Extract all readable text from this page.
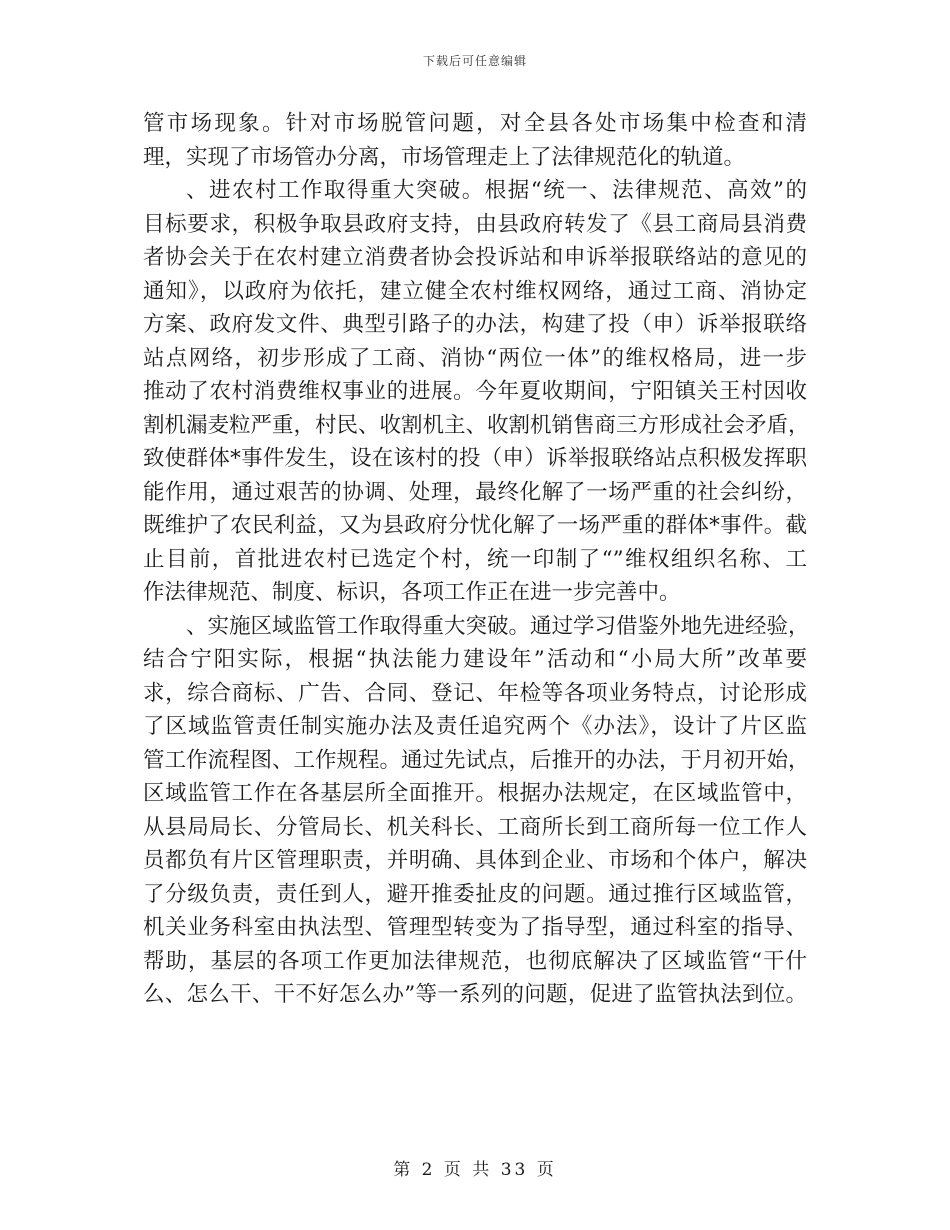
下载后可任意编辑
管市场现象。针对市场脱管问题，对全县各处市场集中检查和清
理，实现了市场管办分离，市场管理走上了法律规范化的轨道。
、进农村工作取得重大突破。根据“统一、法律规范、高效”的
目标要求，积极争取县政府支持，由县政府转发了《县工商局县消费
者协会关于在农村建立消费者协会投诉站和申诉举报联络站的意见的
通知》，以政府为依托，建立健全农村维权网络，通过工商、消协定
方案、政府发文件、典型引路子的办法，构建了投（申）诉举报联络
站点网络，初步形成了工商、消协“两位一体”的维权格局，进一步
推动了农村消费维权事业的进展。今年夏收期间，宁阳镇关王村因收
割机漏麦粒严重，村民、收割机主、收割机销售商三方形成社会矛盾，
致使群体*事件发生，设在该村的投（申）诉举报联络站点积极发挥职
能作用，通过艰苦的协调、处理，最终化解了一场严重的社会纠纷，
既维护了农民利益，又为县政府分忧化解了一场严重的群体*事件。截
止目前，首批进农村已选定个村，统一印制了“”维权组织名称、工
作法律规范、制度、标识，各项工作正在进一步完善中。
、实施区域监管工作取得重大突破。通过学习借鉴外地先进经验，
结合宁阳实际，根据“执法能力建设年”活动和“小局大所”改革要
求，综合商标、广告、合同、登记、年检等各项业务特点，讨论形成
了区域监管责任制实施办法及责任追究两个《办法》，设计了片区监
管工作流程图、工作规程。通过先试点，后推开的办法，于月初开始，
区域监管工作在各基层所全面推开。根据办法规定，在区域监管中，
从县局局长、分管局长、机关科长、工商所长到工商所每一位工作人
员都负有片区管理职责，并明确、具体到企业、市场和个体户，解决
了分级负责，责任到人，避开推委扯皮的问题。通过推行区域监管，
机关业务科室由执法型、管理型转变为了指导型，通过科室的指导、
帮助，基层的各项工作更加法律规范，也彻底解决了区域监管“干什
么、怎么干、干不好怎么办”等一系列的问题，促进了监管执法到位。
第 2 页 共 33 页
